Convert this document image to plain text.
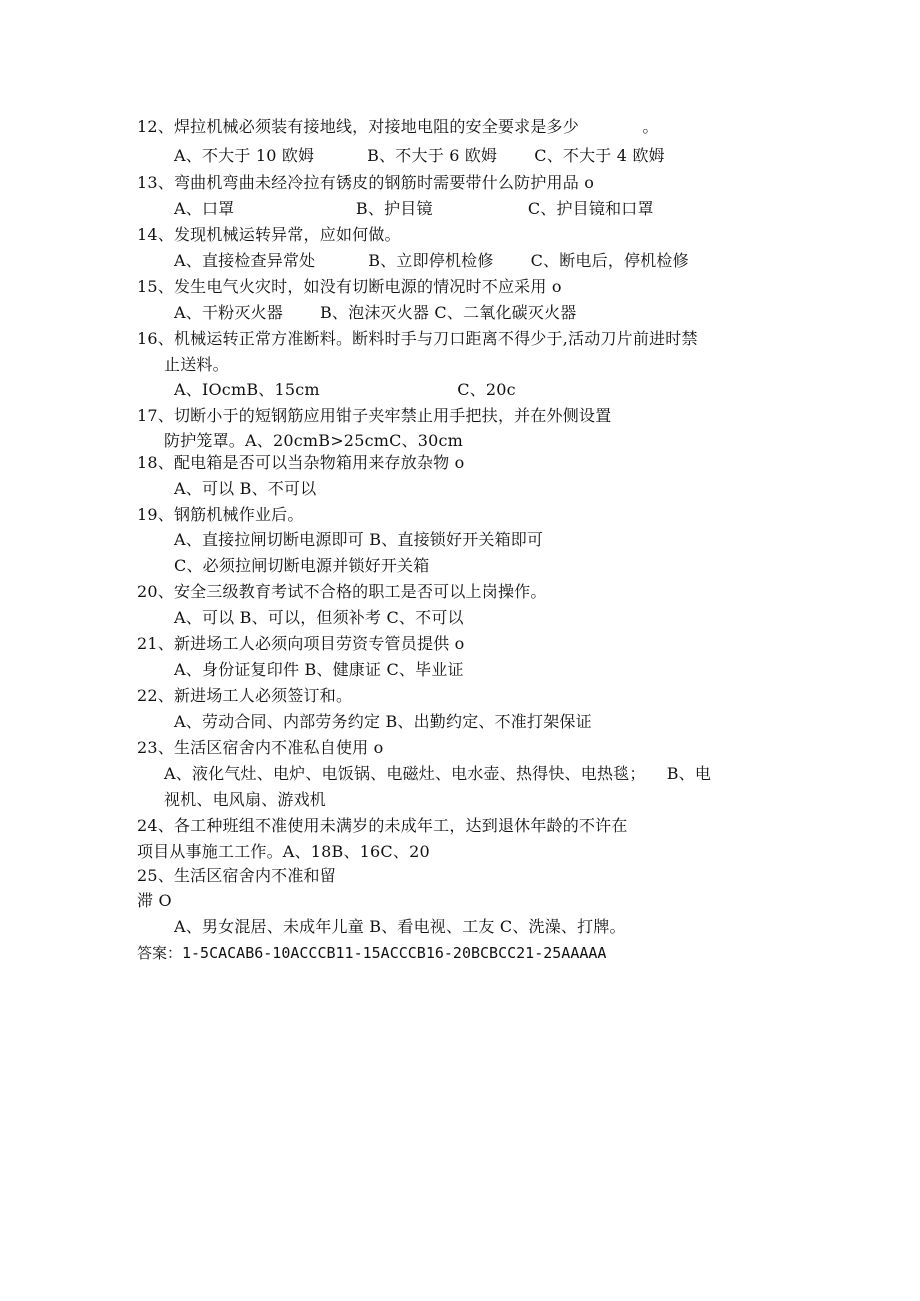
12、焊拉机械必须装有接地线，对接地电阻的安全要求是多少            。
A、不大于 10 欧姆          B、不大于 6 欧姆       C、不大于 4 欧姆
13、弯曲机弯曲未经冷拉有锈皮的钢筋时需要带什么防护用品 o
A、口罩                       B、护目镜                  C、护目镜和口罩
14、发现机械运转异常，应如何做。
A、直接检查异常处          B、立即停机检修       C、断电后，停机检修
15、发生电气火灾时，如没有切断电源的情况时不应采用 o
A、干粉灭火器       B、泡沫灭火器 C、二氧化碳灭火器
16、机械运转正常方准断料。断料时手与刀口距离不得少于,活动刀片前进时禁
止送料。
A、IOcmB、15cm                          C、20c
17、切断小于的短钢筋应用钳子夹牢禁止用手把扶，并在外侧设置
防护笼罩。A、20cmB>25cmC、30cm
18、配电箱是否可以当杂物箱用来存放杂物 o
A、可以 B、不可以
19、钢筋机械作业后。
A、直接拉闸切断电源即可 B、直接锁好开关箱即可
C、必须拉闸切断电源并锁好开关箱
20、安全三级教育考试不合格的职工是否可以上岗操作。
A、可以 B、可以，但须补考 C、不可以
21、新进场工人必须向项目劳资专管员提供 o
A、身份证复印件 B、健康证 C、毕业证
22、新进场工人必须签订和。
A、劳动合同、内部劳务约定 B、出勤约定、不准打架保证
23、生活区宿舍内不准私自使用 o
A、液化气灶、电炉、电饭锅、电磁灶、电水壶、热得快、电热毯；    B、电
视机、电风扇、游戏机
24、各工种班组不准使用未满岁的未成年工，达到退休年龄的不许在
项目从事施工工作。A、18B、16C、20
25、生活区宿舍内不准和留
滞 O
A、男女混居、未成年儿童 B、看电视、工友 C、洗澡、打牌。
答案：1-5CACAB6-10ACCCB11-15ACCCB16-20BCBCC21-25AAAAA
